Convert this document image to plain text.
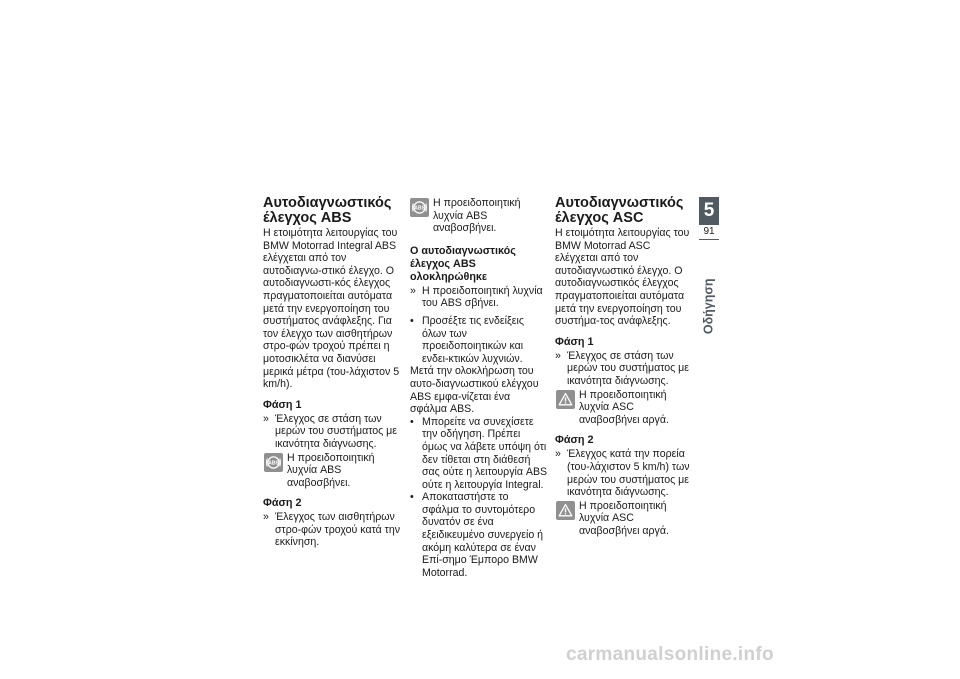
Αυτοδιαγνωστικός έλεγχος ABS

Η ετοιμότητα λειτουργίας του BMW Motorrad Integral ABS ελέγχεται από τον αυτοδιαγνω-στικό έλεγχο. Ο αυτοδιαγνωστι-κός έλεγχος πραγματοποιείται αυτόματα μετά την ενεργοποίηση του συστήματος ανάφλεξης. Για τον έλεγχο των αισθητήρων στρο-φών τροχού πρέπει η μοτοσικλέτα να διανύσει μερικά μέτρα (του-λάχιστον 5 km/h).

Φάση 1

» Έλεγχος σε στάση των μερών του συστήματος με ικανότητα διάγνωσης.

ABS Η προειδοποιητική λυχνία ABS αναβοσβήνει.

Φάση 2

» Έλεγχος των αισθητήρων στρο-φών τροχού κατά την εκκίνηση.

ABS Η προειδοποιητική λυχνία ABS αναβοσβήνει.

Ο αυτοδιαγνωστικός έλεγχος ABS ολοκληρώθηκε

» Η προειδοποιητική λυχνία του ABS σβήνει.

• Προσέξτε τις ενδείξεις όλων των προειδοποιητικών και ενδει-κτικών λυχνιών.

Μετά την ολοκλήρωση του αυτο-διαγνωστικού ελέγχου ABS εμφα-νίζεται ένα σφάλμα ABS.

• Μπορείτε να συνεχίσετε την οδήγηση. Πρέπει όμως να λάβετε υπόψη ότι δεν τίθεται στη διάθεσή σας ούτε η λειτουργία ABS ούτε η λειτουργία Integral.

• Αποκαταστήστε το σφάλμα το συντομότερο δυνατόν σε ένα εξειδικευμένο συνεργείο ή ακόμη καλύτερα σε έναν Επί-σημο Έμπορο BMW Motorrad.

Αυτοδιαγνωστικός έλεγχος ASC

Η ετοιμότητα λειτουργίας του BMW Motorrad ASC ελέγχεται από τον αυτοδιαγνωστικό έλεγχο. Ο αυτοδιαγνωστικός έλεγχος πραγματοποιείται αυτόματα μετά την ενεργοποίηση του συστήμα-τος ανάφλεξης.

Φάση 1

» Έλεγχος σε στάση των μερών του συστήματος με ικανότητα διάγνωσης.

Η προειδοποιητική λυχνία ASC αναβοσβήνει αργά.

Φάση 2

» Έλεγχος κατά την πορεία (του-λάχιστον 5 km/h) των μερών του συστήματος με ικανότητα διάγνωσης.

Η προειδοποιητική λυχνία ASC αναβοσβήνει αργά.

5
91
Οδήγηση
carmanualsonline.info
